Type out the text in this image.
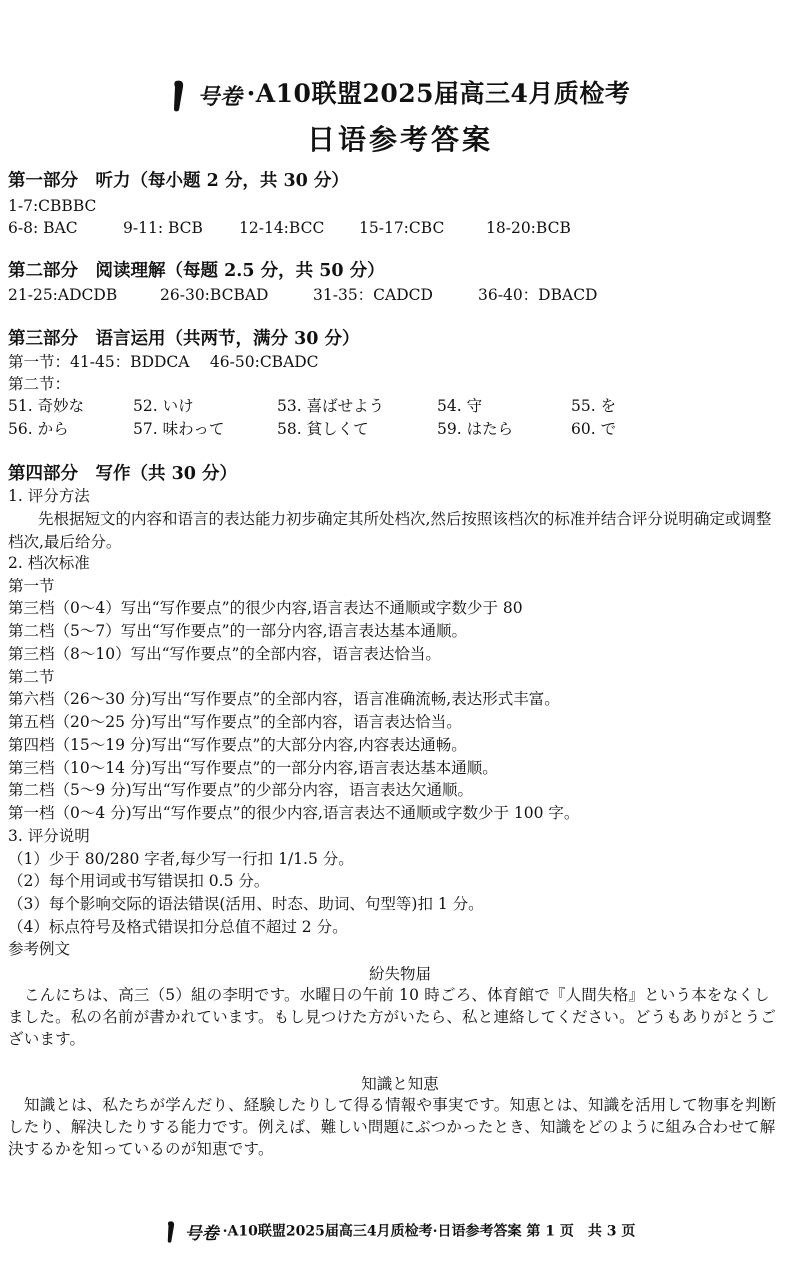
号卷 ·A10联盟2025届高三4月质检考
日语参考答案
第一部分　听力（每小题 2 分，共 30 分）
1-7:CBBBC
6-8: BAC	9-11: BCB 12-14:BCC 15-17:CBC	18-20:BCB
第二部分　阅读理解（每题 2.5 分，共 50 分）
21-25:ADCDB	26-30:BCBAD	31-35：CADCD	36-40：DBACD
第三部分　语言运用（共两节，满分 30 分）
第一节：41-45：BDDCA　 46-50:CBADC
第二节：
51. 奇妙な	52. いけ	53. 喜ばせよう	54. 守	55. を
56. から	57. 味わって	58. 貧しくて	59. はたら	60. で
第四部分　写作（共 30 分）
1. 评分方法
先根据短文的内容和语言的表达能力初步确定其所处档次,然后按照该档次的标准并结合评分说明确定或调整档次,最后给分。
2. 档次标准
第一节
第三档（0～4）写出“写作要点”的很少内容,语言表达不通顺或字数少于 80
第二档（5～7）写出“写作要点”的一部分内容,语言表达基本通顺。
第三档（8～10）写出“写作要点”的全部内容，语言表达恰当。
第二节
第六档（26～30 分)写出“写作要点”的全部内容，语言准确流畅,表达形式丰富。
第五档（20～25 分)写出“写作要点”的全部内容，语言表达恰当。
第四档（15～19 分)写出“写作要点”的大部分内容,内容表达通畅。
第三档（10～14 分)写出“写作要点”的一部分内容,语言表达基本通顺。
第二档（5～9 分)写出“写作要点”的少部分内容，语言表达欠通顺。
第一档（0～4 分)写出“写作要点”的很少内容,语言表达不通顺或字数少于 100 字。
3. 评分说明
（1）少于 80/280 字者,每少写一行扣 1/1.5 分。
（2）每个用词或书写错误扣 0.5 分。
（3）每个影响交际的语法错误(活用、时态、助词、句型等)扣 1 分。
（4）标点符号及格式错误扣分总值不超过 2 分。
参考例文
紛失物届
こんにちは、高三（5）組の李明です。水曜日の午前 10 時ごろ、体育館で『人間失格』という本をなくしました。私の名前が書かれています。もし見つけた方がいたら、私と連絡してください。どうもありがとうございます。
知識と知恵
知識とは、私たちが学んだり、経験したりして得る情報や事実です。知恵とは、知識を活用して物事を判断したり、解決したりする能力です。例えば、難しい問題にぶつかったとき、知識をどのように組み合わせて解決するかを知っているのが知恵です。
号卷 ·A10联盟2025届高三4月质检考·日语参考答案 第 1 页　共 3 页
